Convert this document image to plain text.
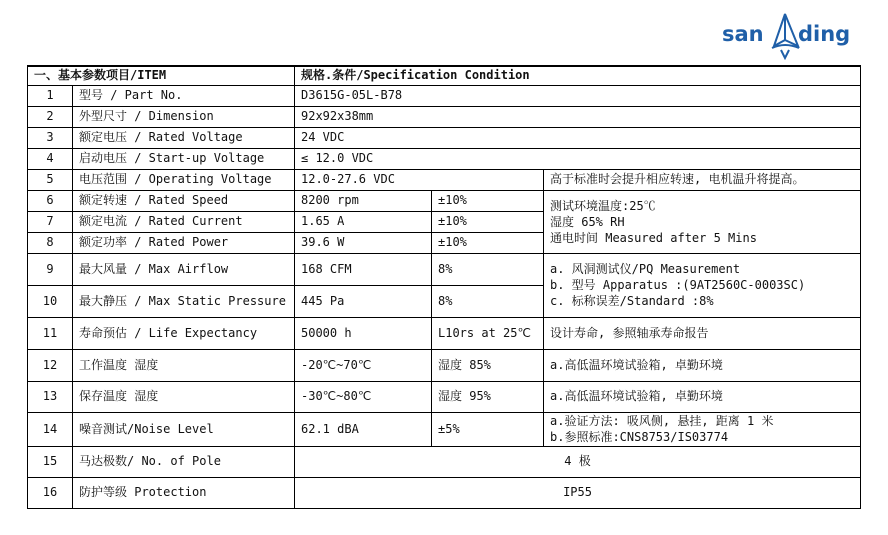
san ding
一、基本参数项目/ITEM		规格.条件/Specification Condition		
1	型号 / Part No.	D3615G-05L-B78		
2	外型尺寸 / Dimension	92x92x38mm		
3	额定电压 / Rated Voltage	24 VDC		
4	启动电压 / Start-up Voltage	≤ 12.0 VDC		
5	电压范围 / Operating Voltage	12.0-27.6 VDC		高于标准时会提升相应转速, 电机温升将提高。
6	额定转速 / Rated Speed	8200 rpm	±10%	测试环境温度:25℃
湿度 65% RH
通电时间 Measured after 5 Mins

7	额定电流 / Rated Current	1.65 A	±10%	
8	额定功率 / Rated Power	39.6 W	±10%	
9	最大风量 / Max Airflow	168 CFM	8%	a. 风洞测试仪/PQ Measurement
b. 型号 Apparatus :(9AT2560C-0003SC)
c. 标称误差/Standard :8%

10	最大静压 / Max Static Pressure	445 Pa	8%	
11	寿命预估 / Life Expectancy	50000 h	L10rs at 25℃	设计寿命, 参照轴承寿命报告
12	工作温度 湿度	-20℃~70℃	湿度 85%	a.高低温环境试验箱, 卓勤环境
13	保存温度 湿度	-30℃~80℃	湿度 95%	a.高低温环境试验箱, 卓勤环境
14	噪音测试/Noise Level	62.1 dBA	±5%	a.验证方法: 吸风侧, 悬挂, 距离 1 米
b.参照标准:CNS8753/IS03774

15	马达极数/ No. of Pole	4 极		
16	防护等级 Protection	IP55		
